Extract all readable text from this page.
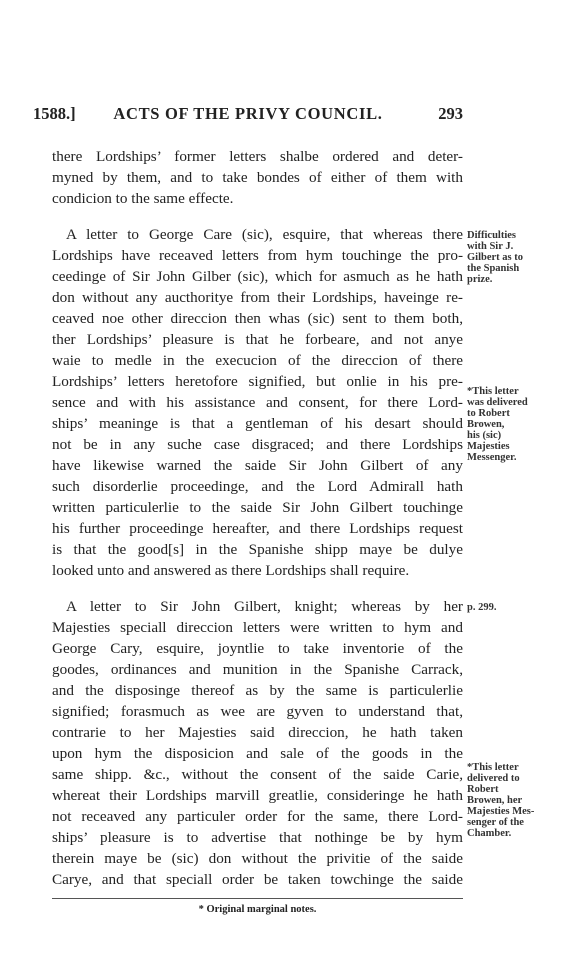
1588.]	ACTS OF THE PRIVY COUNCIL.	293
there Lordships’ former letters shalbe ordered and deter-
myned by them, and to take bondes of either of them with
condicion to the same effecte.
A letter to George Care (sic), esquire, that whereas there
Lordships have receaved letters from hym touchinge the pro-
ceedinge of Sir John Gilber (sic), which for asmuch as he hath
don without any aucthoritye from their Lordships, haveinge re-
ceaved noe other direccion then whas (sic) sent to them both,
ther Lordships’ pleasure is that he forbeare, and not anye
waie to medle in the execucion of the direccion of there
Lordships’ letters heretofore signified, but onlie in his pre-
sence and with his assistance and consent, for there Lord-
ships’ meaninge is that a gentleman of his desart should
not be in any suche case disgraced; and there Lordships
have likewise warned the saide Sir John Gilbert of any
such disorderlie proceedinge, and the Lord Admirall hath
written particulerlie to the saide Sir John Gilbert touchinge
his further proceedinge hereafter, and there Lordships request
is that the good[s] in the Spanishe shipp maye be dulye
looked unto and answered as there Lordships shall require.
A letter to Sir John Gilbert, knight; whereas by her
Majesties speciall direccion letters were written to hym and
George Cary, esquire, joyntlie to take inventorie of the
goodes, ordinances and munition in the Spanishe Carrack,
and the disposinge thereof as by the same is particulerlie
signified; forasmuch as wee are gyven to understand that,
contrarie to her Majesties said direccion, he hath taken
upon hym the disposicion and sale of the goods in the
same shipp. &c., without the consent of the saide Carie,
whereat their Lordships marvill greatlie, consideringe he hath
not receaved any particuler order for the same, there Lord-
ships’ pleasure is to advertise that nothinge be by hym
therein maye be (sic) don without the privitie of the saide
Carye, and that speciall order be taken towchinge the saide
Difficulties
with Sir J.
Gilbert as to
the Spanish
prize.
*This letter
was delivered
to Robert
Browen,
his (sic)
Majesties
Messenger.
p. 299.
*This letter
delivered to
Robert
Browen, her
Majesties Mes-
senger of the
Chamber.
* Original marginal notes.
